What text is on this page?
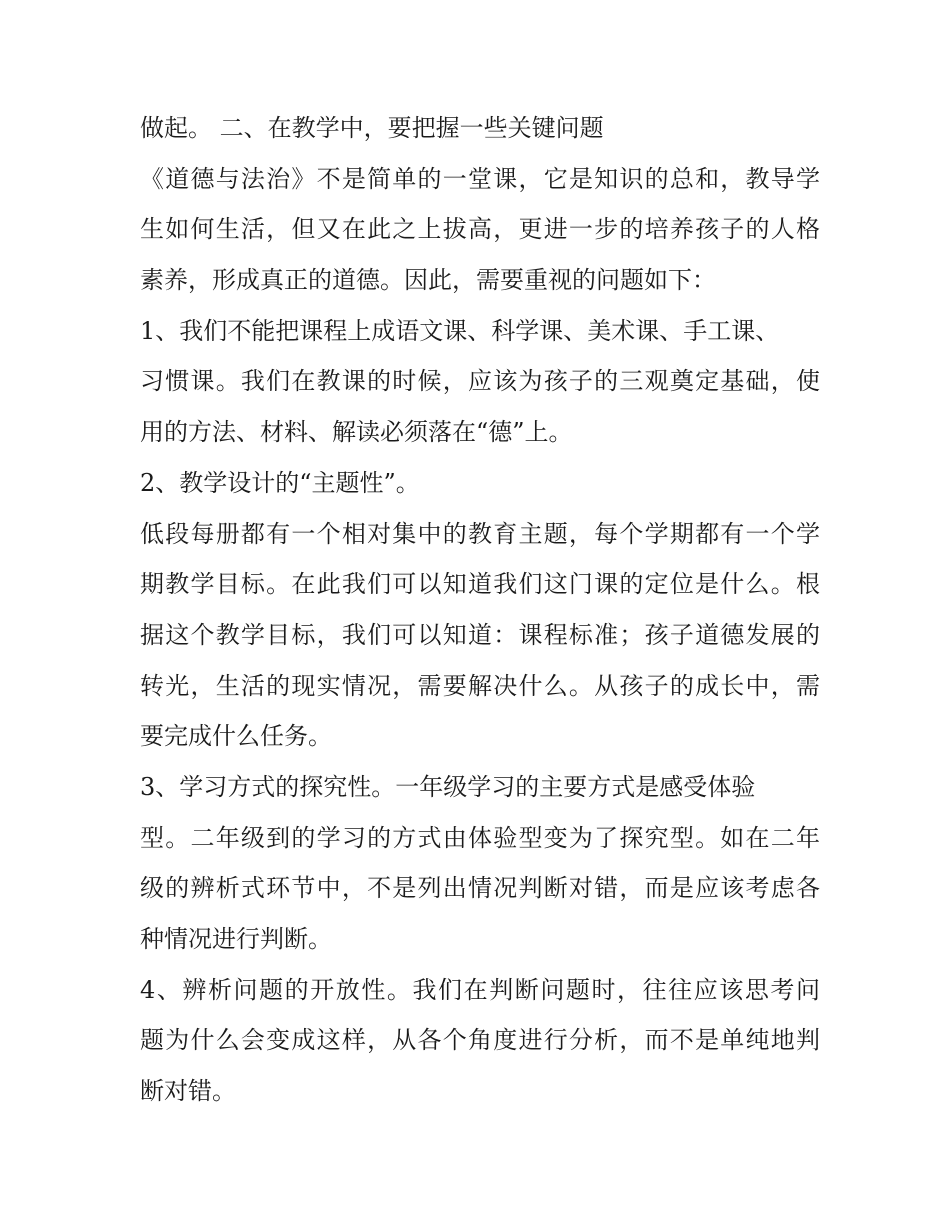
做起。 二、在教学中，要把握一些关键问题
《道德与法治》不是简单的一堂课，它是知识的总和，教导学
生如何生活，但又在此之上拔高，更进一步的培养孩子的人格
素养，形成真正的道德。因此，需要重视的问题如下：
1、我们不能把课程上成语文课、科学课、美术课、手工课、
习惯课。我们在教课的时候，应该为孩子的三观奠定基础，使
用的方法、材料、解读必须落在“德”上。
2、教学设计的“主题性”。
低段每册都有一个相对集中的教育主题，每个学期都有一个学
期教学目标。在此我们可以知道我们这门课的定位是什么。根
据这个教学目标，我们可以知道：课程标准；孩子道德发展的
转光，生活的现实情况，需要解决什么。从孩子的成长中，需
要完成什么任务。
3、学习方式的探究性。一年级学习的主要方式是感受体验
型。二年级到的学习的方式由体验型变为了探究型。如在二年
级的辨析式环节中，不是列出情况判断对错，而是应该考虑各
种情况进行判断。
4、辨析问题的开放性。我们在判断问题时，往往应该思考问
题为什么会变成这样，从各个角度进行分析，而不是单纯地判
断对错。
